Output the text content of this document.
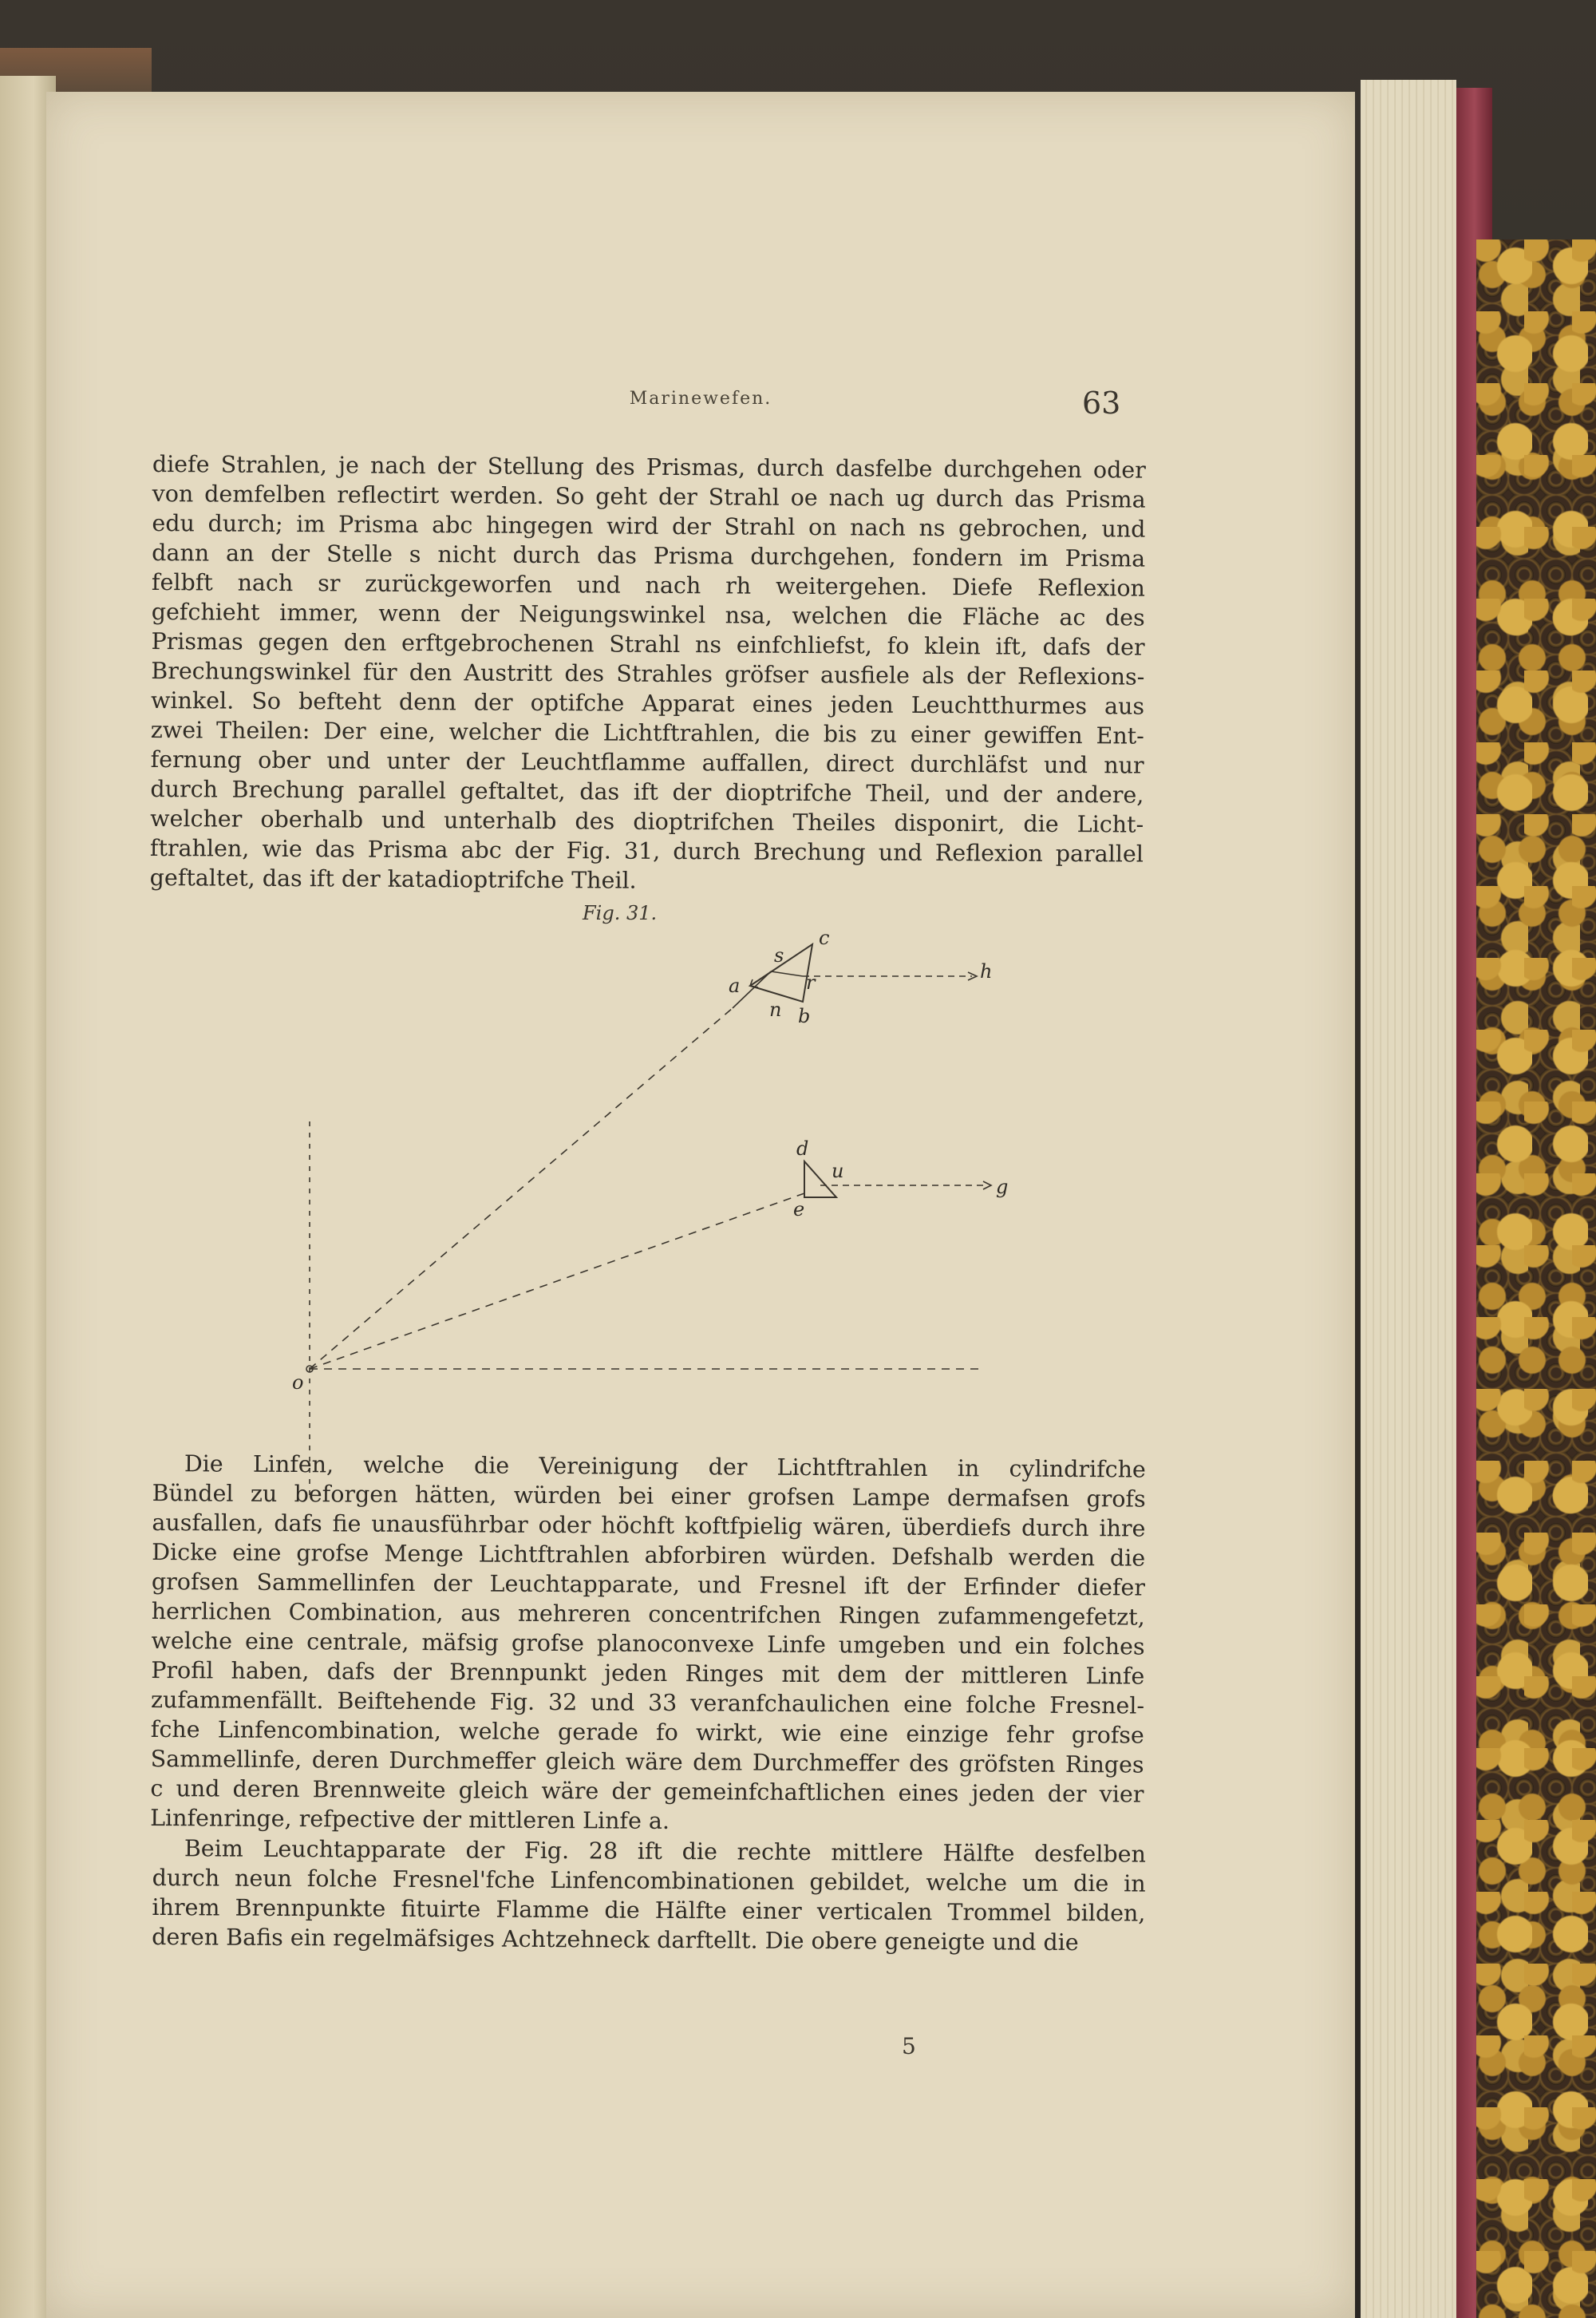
Marinewefen.	63
diefe Strahlen, je nach der Stellung des Prismas, durch dasfelbe durchgehen oder
von demfelben reflectirt werden. So geht der Strahl oe nach ug durch das Prisma
edu durch; im Prisma abc hingegen wird der Strahl on nach ns gebrochen, und
dann an der Stelle s nicht durch das Prisma durchgehen, fondern im Prisma
felbft nach sr zurückgeworfen und nach rh weitergehen. Diefe Reflexion
gefchieht immer, wenn der Neigungswinkel nsa, welchen die Fläche ac des
Prismas gegen den erftgebrochenen Strahl ns einfchliefst, fo klein ift, dafs der
Brechungswinkel für den Austritt des Strahles gröfser ausfiele als der Reflexions-
winkel. So befteht denn der optifche Apparat eines jeden Leuchtthurmes aus
zwei Theilen: Der eine, welcher die Lichtftrahlen, die bis zu einer gewiffen Ent-
fernung ober und unter der Leuchtflamme auffallen, direct durchläfst und nur
durch Brechung parallel geftaltet, das ift der dioptrifche Theil, und der andere,
welcher oberhalb und unterhalb des dioptrifchen Theiles disponirt, die Licht-
ftrahlen, wie das Prisma abc der Fig. 31, durch Brechung und Reflexion parallel
geftaltet, das ift der katadioptrifche Theil.
Fig. 31.
a
b
c
s
r
n
h
d
u
e
g
o
Die Linfen, welche die Vereinigung der Lichtftrahlen in cylindrifche
Bündel zu beforgen hätten, würden bei einer grofsen Lampe dermafsen grofs
ausfallen, dafs fie unausführbar oder höchft koftfpielig wären, überdiefs durch ihre
Dicke eine grofse Menge Lichtftrahlen abforbiren würden. Defshalb werden die
grofsen Sammellinfen der Leuchtapparate, und Fresnel ift der Erfinder diefer
herrlichen Combination, aus mehreren concentrifchen Ringen zufammengefetzt,
welche eine centrale, mäfsig grofse planoconvexe Linfe umgeben und ein folches
Profil haben, dafs der Brennpunkt jeden Ringes mit dem der mittleren Linfe
zufammenfällt. Beiftehende Fig. 32 und 33 veranfchaulichen eine folche Fresnel-
fche Linfencombination, welche gerade fo wirkt, wie eine einzige fehr grofse
Sammellinfe, deren Durchmeffer gleich wäre dem Durchmeffer des gröfsten Ringes
c und deren Brennweite gleich wäre der gemeinfchaftlichen eines jeden der vier
Linfenringe, refpective der mittleren Linfe a.
Beim Leuchtapparate der Fig. 28 ift die rechte mittlere Hälfte desfelben
durch neun folche Fresnel'fche Linfencombinationen gebildet, welche um die in
ihrem Brennpunkte fituirte Flamme die Hälfte einer verticalen Trommel bilden,
deren Bafis ein regelmäfsiges Achtzehneck darftellt. Die obere geneigte und die
5
